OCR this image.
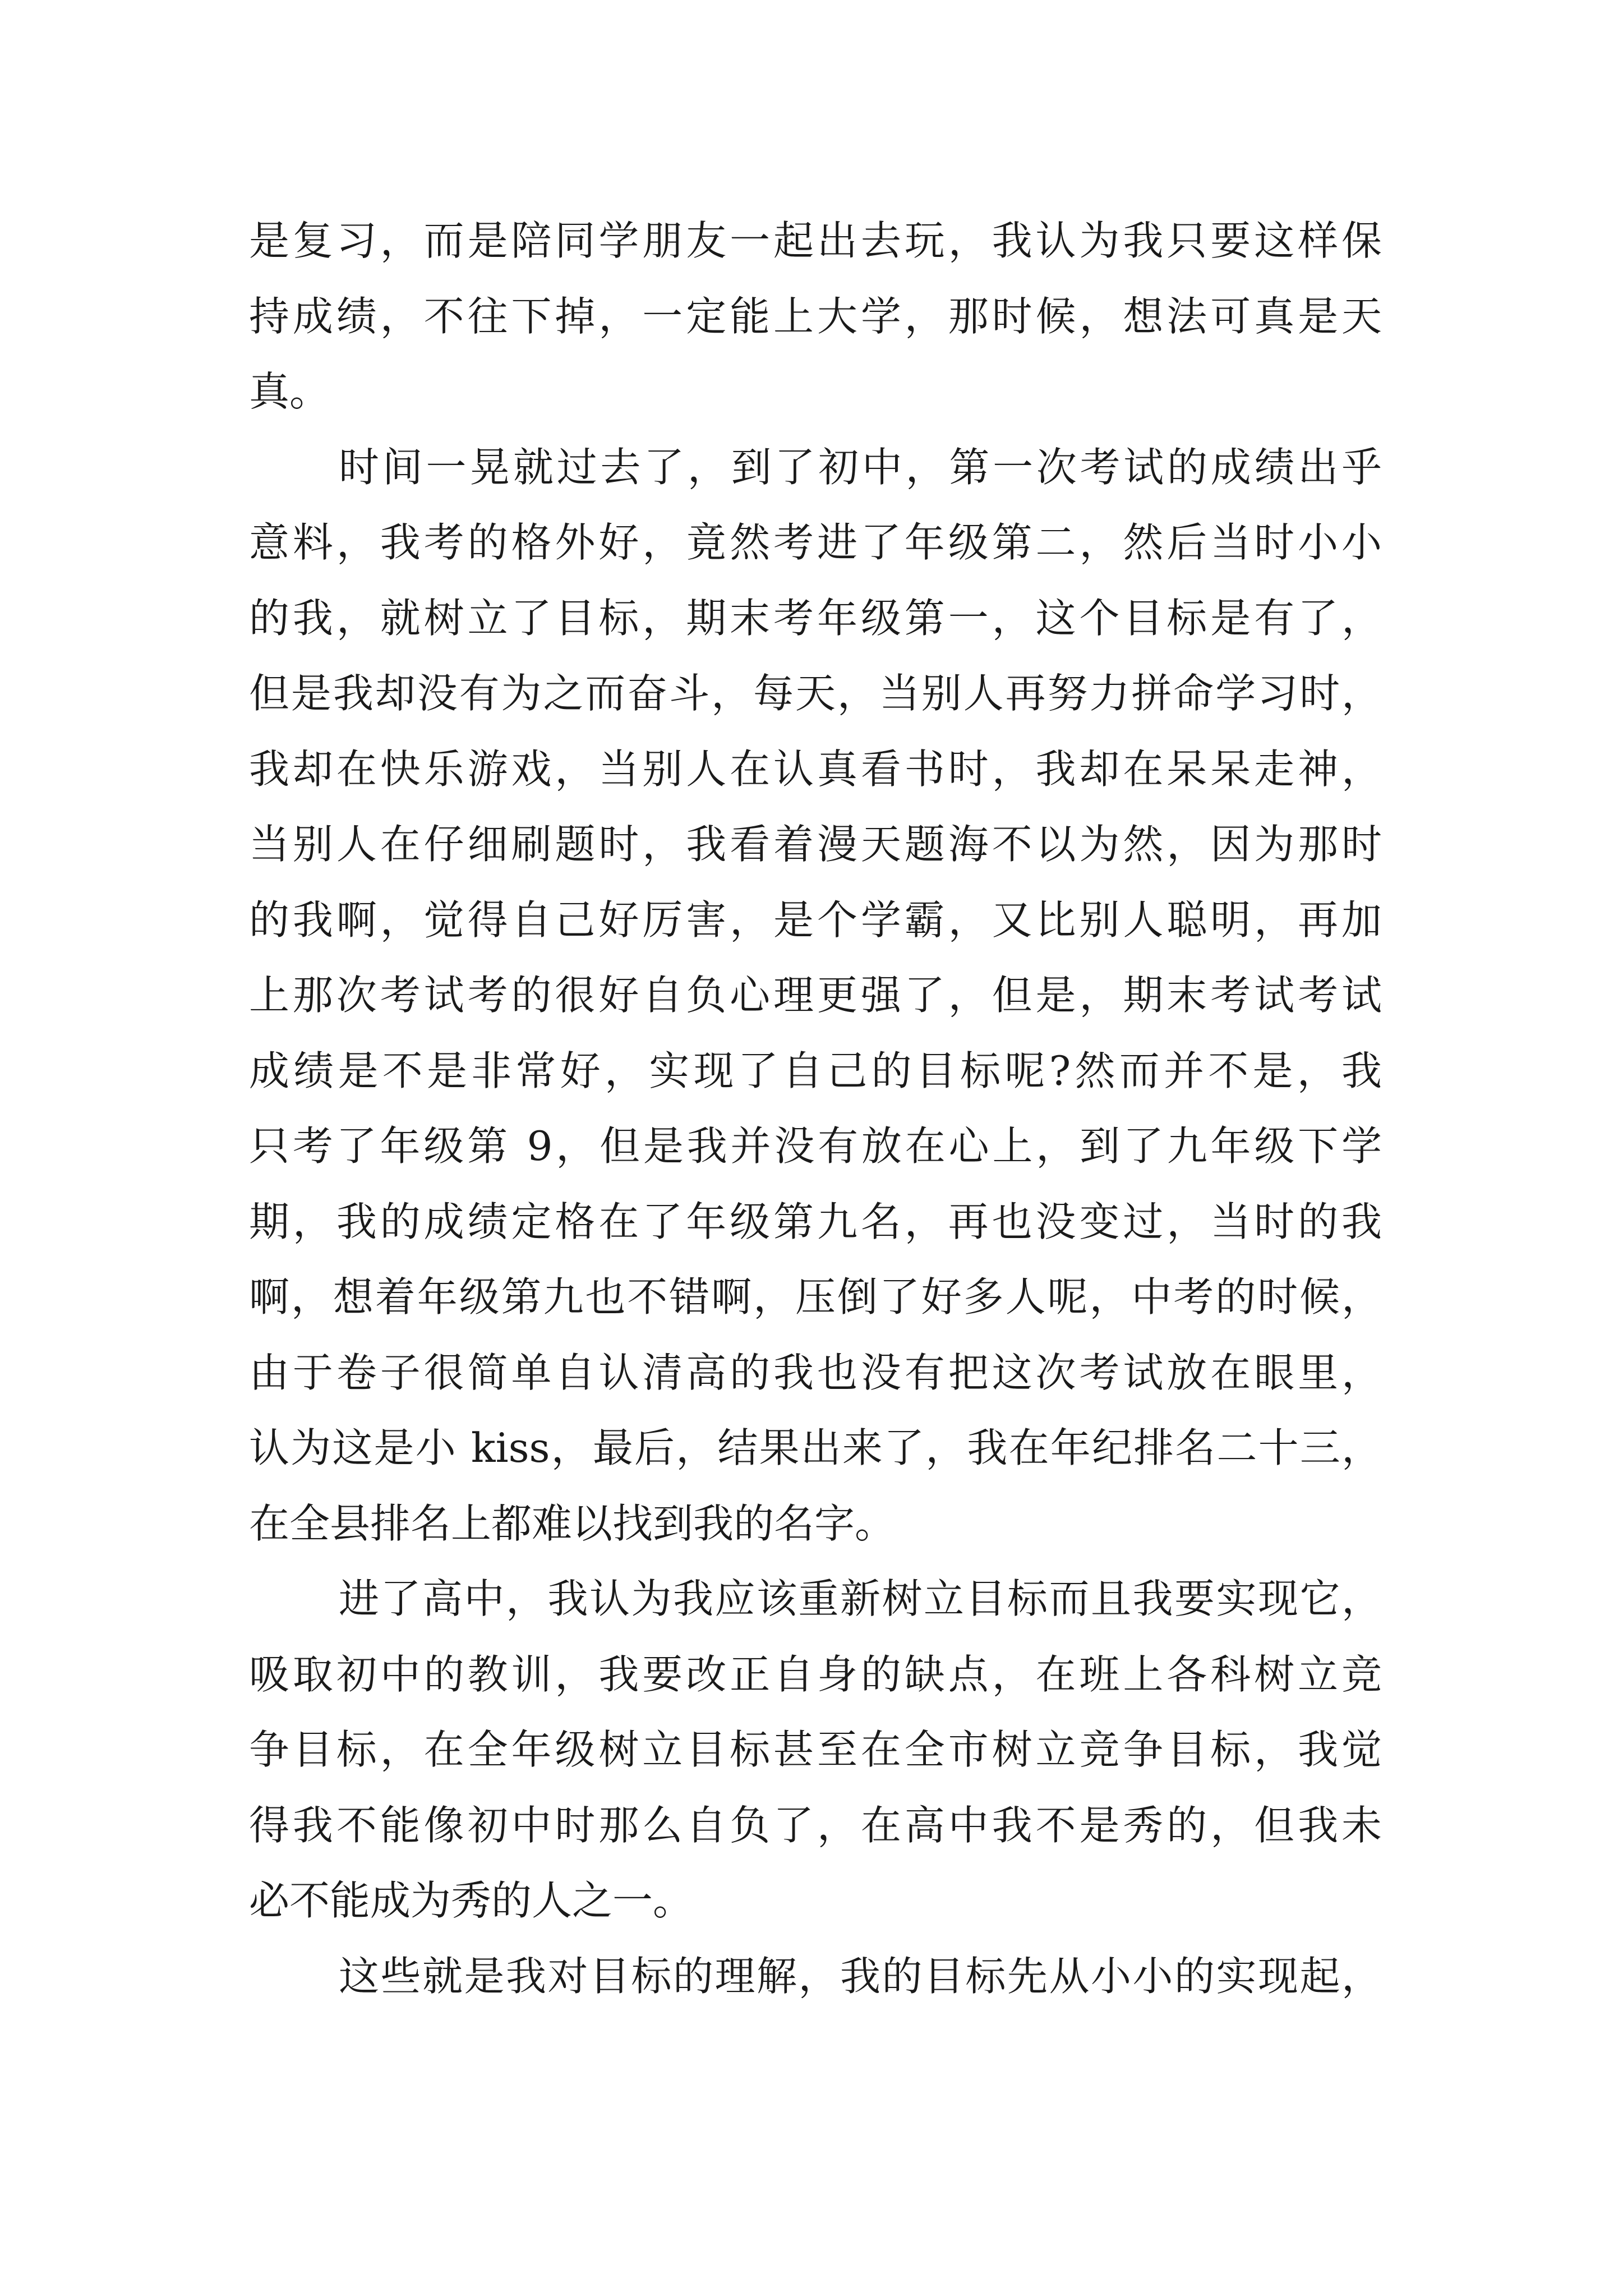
是复习，而是陪同学朋友一起出去玩，我认为我只要这样保
持成绩，不往下掉，一定能上大学，那时候，想法可真是天
真。
时间一晃就过去了，到了初中，第一次考试的成绩出乎
意料，我考的格外好，竟然考进了年级第二，然后当时小小
的我，就树立了目标，期末考年级第一，这个目标是有了，
但是我却没有为之而奋斗，每天，当别人再努力拼命学习时，
我却在快乐游戏，当别人在认真看书时，我却在呆呆走神，
当别人在仔细刷题时，我看着漫天题海不以为然，因为那时
的我啊，觉得自己好厉害，是个学霸，又比别人聪明，再加
上那次考试考的很好自负心理更强了，但是，期末考试考试
成绩是不是非常好，实现了自己的目标呢?然而并不是，我
只考了年级第 9，但是我并没有放在心上，到了九年级下学
期，我的成绩定格在了年级第九名，再也没变过，当时的我
啊，想着年级第九也不错啊，压倒了好多人呢，中考的时候，
由于卷子很简单自认清高的我也没有把这次考试放在眼里，
认为这是小 kiss，最后，结果出来了，我在年纪排名二十三，
在全县排名上都难以找到我的名字。
进了高中，我认为我应该重新树立目标而且我要实现它，
吸取初中的教训，我要改正自身的缺点，在班上各科树立竞
争目标，在全年级树立目标甚至在全市树立竞争目标，我觉
得我不能像初中时那么自负了，在高中我不是秀的，但我未
必不能成为秀的人之一。
这些就是我对目标的理解，我的目标先从小小的实现起，
